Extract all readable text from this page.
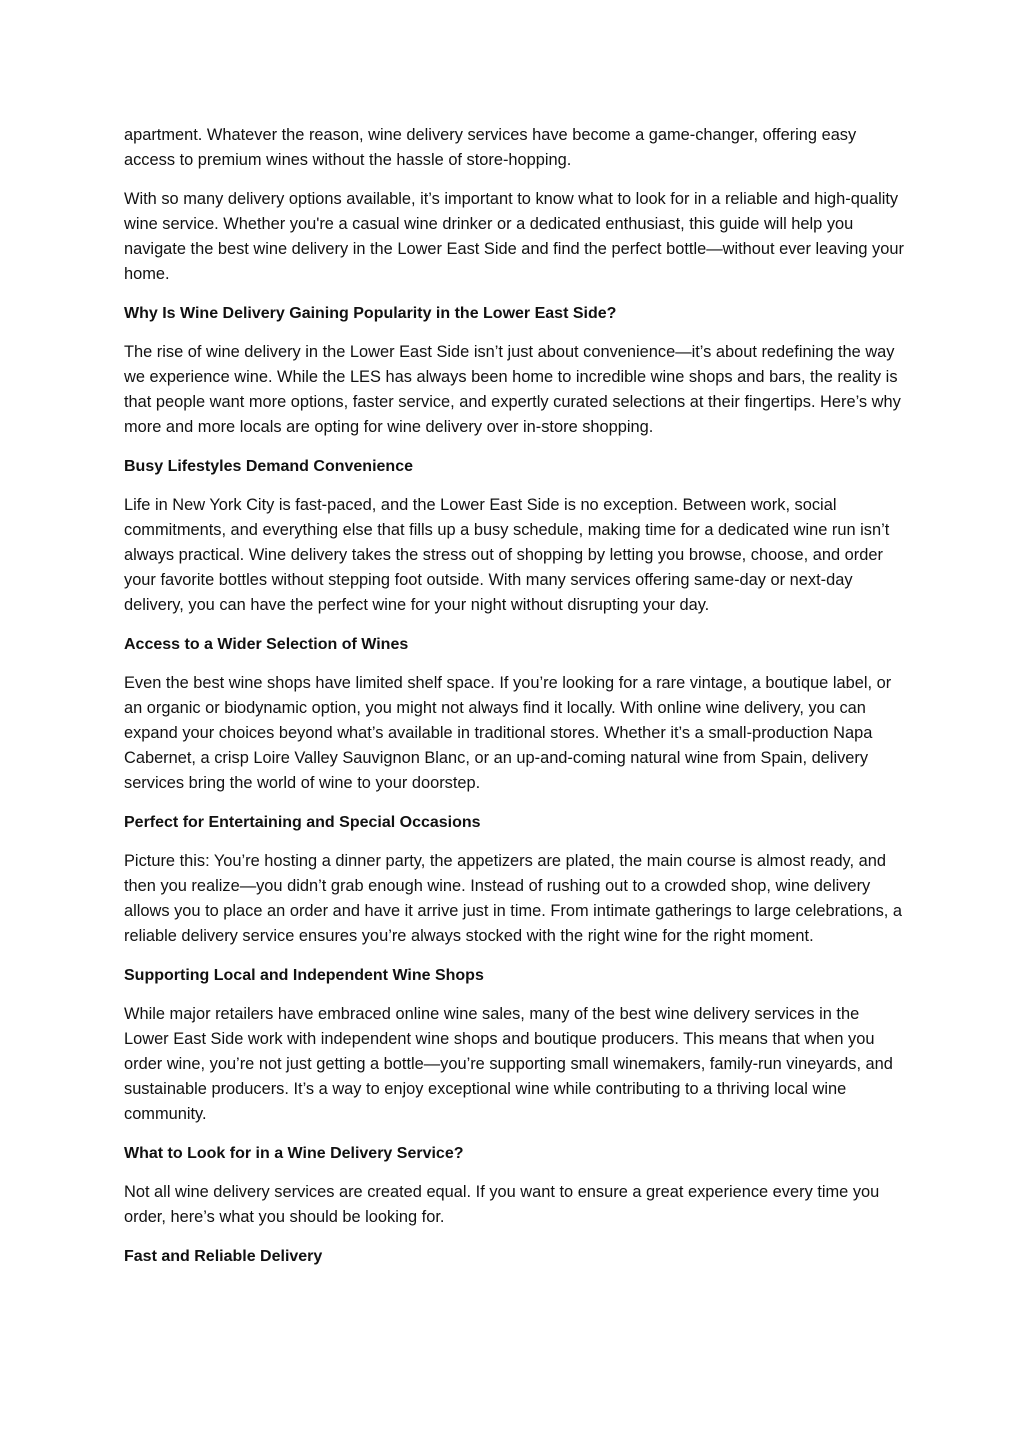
apartment. Whatever the reason, wine delivery services have become a game-changer, offering easy access to premium wines without the hassle of store-hopping.

With so many delivery options available, it’s important to know what to look for in a reliable and high-quality wine service. Whether you're a casual wine drinker or a dedicated enthusiast, this guide will help you navigate the best wine delivery in the Lower East Side and find the perfect bottle—without ever leaving your home.

Why Is Wine Delivery Gaining Popularity in the Lower East Side?

The rise of wine delivery in the Lower East Side isn’t just about convenience—it’s about redefining the way we experience wine. While the LES has always been home to incredible wine shops and bars, the reality is that people want more options, faster service, and expertly curated selections at their fingertips. Here’s why more and more locals are opting for wine delivery over in-store shopping.

Busy Lifestyles Demand Convenience

Life in New York City is fast-paced, and the Lower East Side is no exception. Between work, social commitments, and everything else that fills up a busy schedule, making time for a dedicated wine run isn’t always practical. Wine delivery takes the stress out of shopping by letting you browse, choose, and order your favorite bottles without stepping foot outside. With many services offering same-day or next-day delivery, you can have the perfect wine for your night without disrupting your day.

Access to a Wider Selection of Wines

Even the best wine shops have limited shelf space. If you’re looking for a rare vintage, a boutique label, or an organic or biodynamic option, you might not always find it locally. With online wine delivery, you can expand your choices beyond what’s available in traditional stores. Whether it’s a small-production Napa Cabernet, a crisp Loire Valley Sauvignon Blanc, or an up-and-coming natural wine from Spain, delivery services bring the world of wine to your doorstep.

Perfect for Entertaining and Special Occasions

Picture this: You’re hosting a dinner party, the appetizers are plated, the main course is almost ready, and then you realize—you didn’t grab enough wine. Instead of rushing out to a crowded shop, wine delivery allows you to place an order and have it arrive just in time. From intimate gatherings to large celebrations, a reliable delivery service ensures you’re always stocked with the right wine for the right moment.

Supporting Local and Independent Wine Shops

While major retailers have embraced online wine sales, many of the best wine delivery services in the Lower East Side work with independent wine shops and boutique producers. This means that when you order wine, you’re not just getting a bottle—you’re supporting small winemakers, family-run vineyards, and sustainable producers. It’s a way to enjoy exceptional wine while contributing to a thriving local wine community.

What to Look for in a Wine Delivery Service?

Not all wine delivery services are created equal. If you want to ensure a great experience every time you order, here’s what you should be looking for.

Fast and Reliable Delivery
